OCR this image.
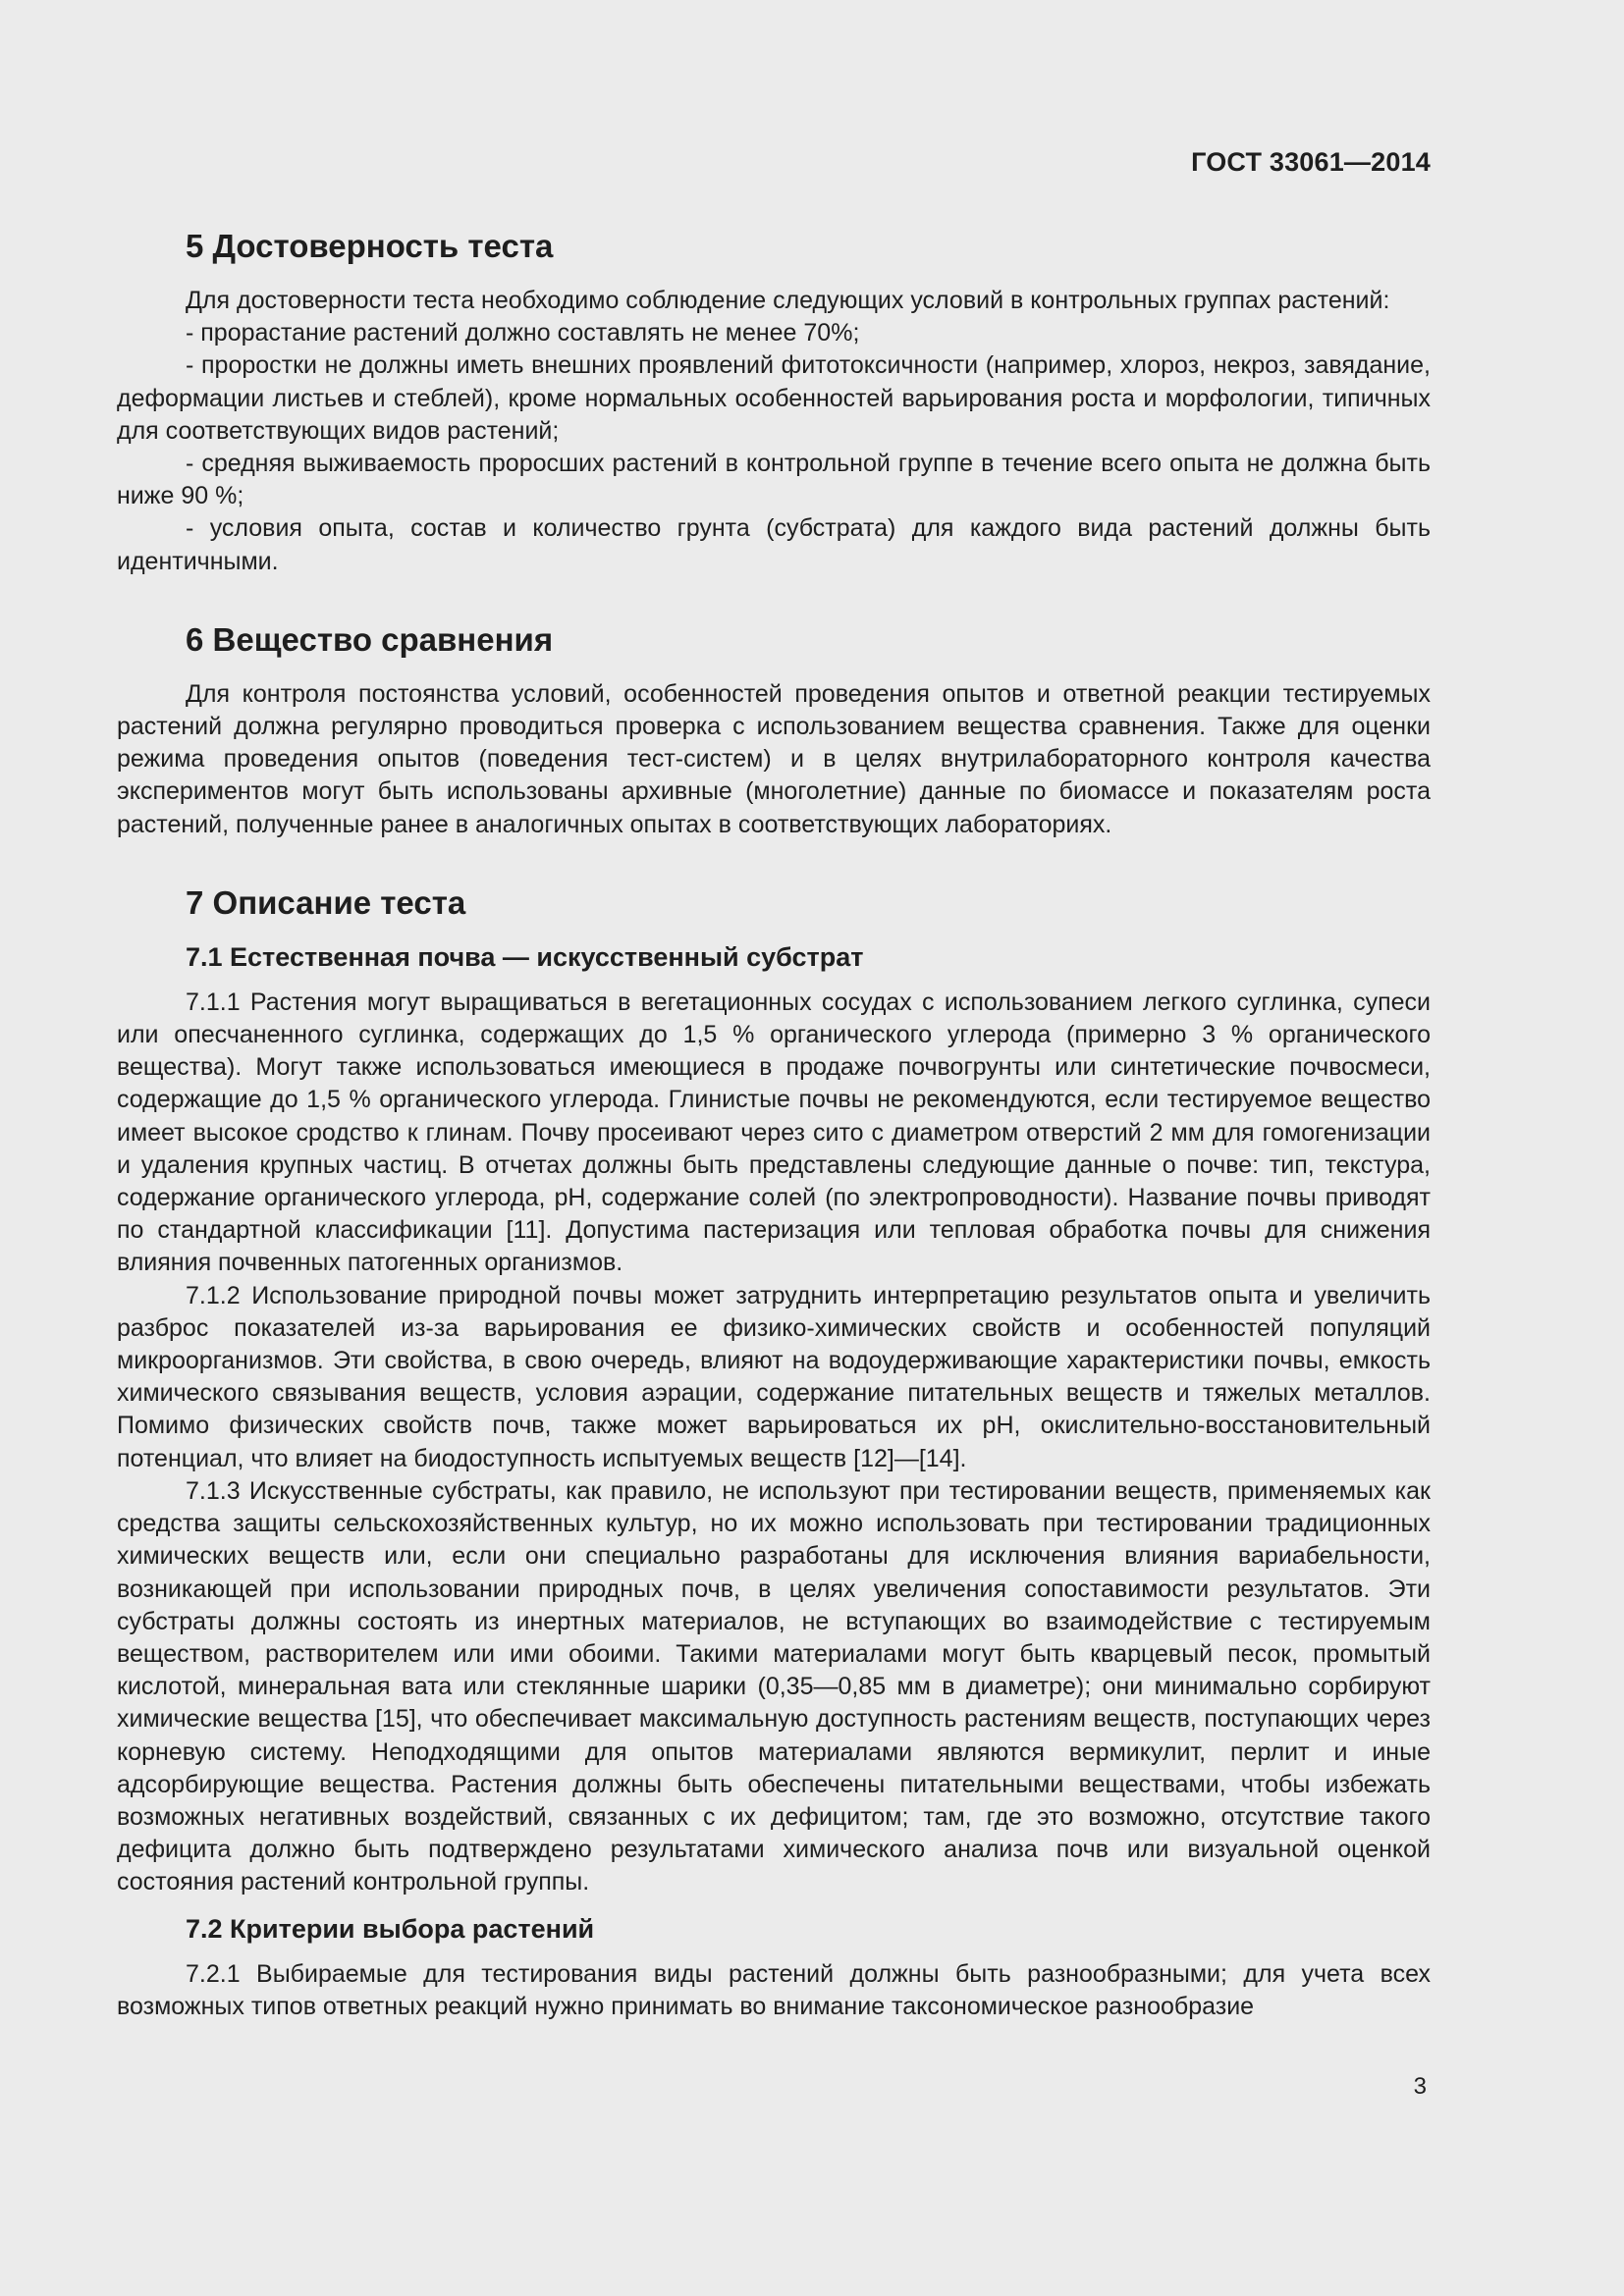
ГОСТ 33061—2014
5 Достоверность теста

Для достоверности теста необходимо соблюдение следующих условий в контрольных группах растений:

- прорастание растений должно составлять не менее 70%;

- проростки не должны иметь внешних проявлений фитотоксичности (например, хлороз, некроз, завядание, деформации листьев и стеблей), кроме нормальных особенностей варьирования роста и морфологии, типичных для соответствующих видов растений;

- средняя выживаемость проросших растений в контрольной группе в течение всего опыта не должна быть ниже 90 %;

- условия опыта, состав и количество грунта (субстрата) для каждого вида растений должны быть идентичными.

6 Вещество сравнения

Для контроля постоянства условий, особенностей проведения опытов и ответной реакции тестируемых растений должна регулярно проводиться проверка с использованием вещества сравнения. Также для оценки режима проведения опытов (поведения тест-систем) и в целях внутрилабораторного контроля качества экспериментов могут быть использованы архивные (многолетние) данные по биомассе и показателям роста растений, полученные ранее в аналогичных опытах в соответствующих лабораториях.

7 Описание теста
7.1 Естественная почва — искусственный субстрат

7.1.1 Растения могут выращиваться в вегетационных сосудах с использованием легкого суглинка, супеси или опесчаненного суглинка, содержащих до 1,5 % органического углерода (примерно 3 % органического вещества). Могут также использоваться имеющиеся в продаже почвогрунты или синтетические почвосмеси, содержащие до 1,5 % органического углерода. Глинистые почвы не рекомендуются, если тестируемое вещество имеет высокое сродство к глинам. Почву просеивают через сито с диаметром отверстий 2 мм для гомогенизации и удаления крупных частиц. В отчетах должны быть представлены следующие данные о почве: тип, текстура, содержание органического углерода, pH, содержание солей (по электропроводности). Название почвы приводят по стандартной классификации [11]. Допустима пастеризация или тепловая обработка почвы для снижения влияния почвенных патогенных организмов.

7.1.2 Использование природной почвы может затруднить интерпретацию результатов опыта и увеличить разброс показателей из-за варьирования ее физико-химических свойств и особенностей популяций микроорганизмов. Эти свойства, в свою очередь, влияют на водоудерживающие характеристики почвы, емкость химического связывания веществ, условия аэрации, содержание питательных веществ и тяжелых металлов. Помимо физических свойств почв, также может варьироваться их pH, окислительно-восстановительный потенциал, что влияет на биодоступность испытуемых веществ [12]—[14].

7.1.3 Искусственные субстраты, как правило, не используют при тестировании веществ, применяемых как средства защиты сельскохозяйственных культур, но их можно использовать при тестировании традиционных химических веществ или, если они специально разработаны для исключения влияния вариабельности, возникающей при использовании природных почв, в целях увеличения сопоставимости результатов. Эти субстраты должны состоять из инертных материалов, не вступающих во взаимодействие с тестируемым веществом, растворителем или ими обоими. Такими материалами могут быть кварцевый песок, промытый кислотой, минеральная вата или стеклянные шарики (0,35—0,85 мм в диаметре); они минимально сорбируют химические вещества [15], что обеспечивает максимальную доступность растениям веществ, поступающих через корневую систему. Неподходящими для опытов материалами являются вермикулит, перлит и иные адсорбирующие вещества. Растения должны быть обеспечены питательными веществами, чтобы избежать возможных негативных воздействий, связанных с их дефицитом; там, где это возможно, отсутствие такого дефицита должно быть подтверждено результатами химического анализа почв или визуальной оценкой состояния растений контрольной группы.

7.2 Критерии выбора растений

7.2.1 Выбираемые для тестирования виды растений должны быть разнообразными; для учета всех возможных типов ответных реакций нужно принимать во внимание таксономическое разнообразие

3
